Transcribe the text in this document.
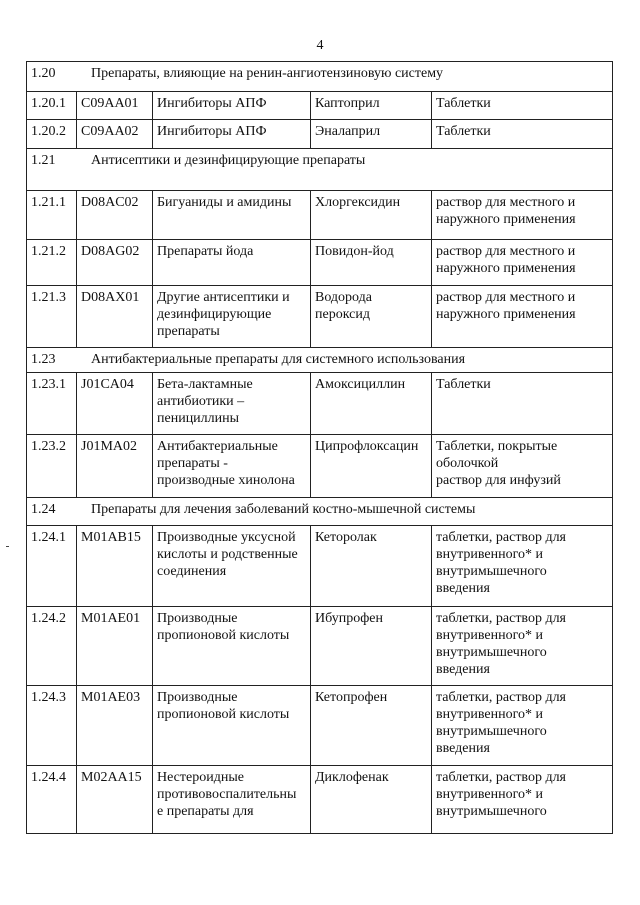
4
1.20 Препараты, влияющие на ренин-ангиотензиновую систему				
1.20.1	C09AA01	Ингибиторы АПФ	Каптоприл	Таблетки

1.20.2	C09AA02	Ингибиторы АПФ	Эналаприл	Таблетки

1.21 Антисептики и дезинфицирующие препараты				
1.21.1	D08AC02	Бигуаниды и амидины	Хлоргексидин	раствор для местного и
наружного применения

1.21.2	D08AG02	Препараты йода	Повидон-йод	раствор для местного и
наружного применения

1.21.3	D08AX01	Другие антисептики и
дезинфицирующие
препараты	Водорода
пероксид	раствор для местного и
наружного применения

1.23 Антибактериальные препараты для системного использования				
1.23.1	J01CA04	Бета-лактамные
антибиотики –
пенициллины	Амоксициллин	Таблетки

1.23.2	J01MA02	Антибактериальные
препараты -
производные хинолона	Ципрофлоксацин	Таблетки, покрытые
оболочкой
раствор для инфузий

1.24 Препараты для лечения заболеваний костно-мышечной системы				
1.24.1	M01AB15	Производные уксусной
кислоты и родственные
соединения	Кеторолак	таблетки, раствор для
внутривенного* и
внутримышечного
введения

1.24.2	M01AE01	Производные
пропионовой кислоты	Ибупрофен	таблетки, раствор для
внутривенного* и
внутримышечного
введения

1.24.3	M01AE03	Производные
пропионовой кислоты	Кетопрофен	таблетки, раствор для
внутривенного* и
внутримышечного
введения

1.24.4	M02AA15	Нестероидные
противовоспалительны
е препараты для	Диклофенак	таблетки, раствор для
внутривенного* и
внутримышечного
